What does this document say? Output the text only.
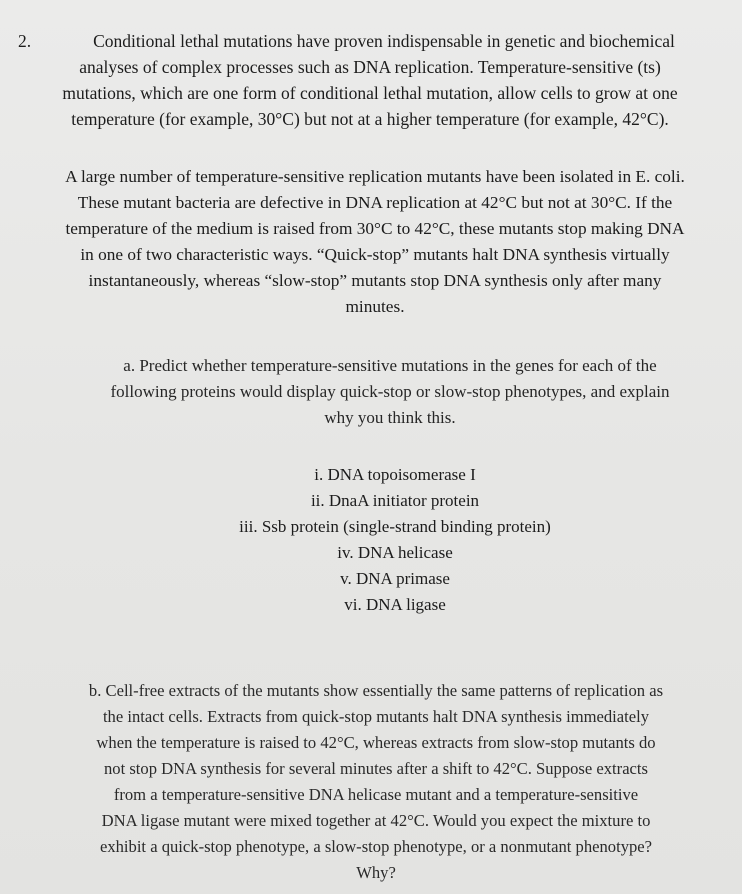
2.	Conditional lethal mutations have proven indispensable in genetic and biochemical
analyses of complex processes such as DNA replication. Temperature-sensitive (ts)
mutations, which are one form of conditional lethal mutation, allow cells to grow at one
temperature (for example, 30°C) but not at a higher temperature (for example, 42°C).
A large number of temperature-sensitive replication mutants have been isolated in E. coli.
These mutant bacteria are defective in DNA replication at 42°C but not at 30°C. If the
temperature of the medium is raised from 30°C to 42°C, these mutants stop making DNA
in one of two characteristic ways. “Quick-stop” mutants halt DNA synthesis virtually
instantaneously, whereas “slow-stop” mutants stop DNA synthesis only after many
minutes.
a. Predict whether temperature-sensitive mutations in the genes for each of the
following proteins would display quick-stop or slow-stop phenotypes, and explain
why you think this.
i. DNA topoisomerase I
ii. DnaA initiator protein
iii. Ssb protein (single-strand binding protein)
iv. DNA helicase
v. DNA primase
vi. DNA ligase
b. Cell-free extracts of the mutants show essentially the same patterns of replication as
the intact cells. Extracts from quick-stop mutants halt DNA synthesis immediately
when the temperature is raised to 42°C, whereas extracts from slow-stop mutants do
not stop DNA synthesis for several minutes after a shift to 42°C. Suppose extracts
from a temperature-sensitive DNA helicase mutant and a temperature-sensitive
DNA ligase mutant were mixed together at 42°C. Would you expect the mixture to
exhibit a quick-stop phenotype, a slow-stop phenotype, or a nonmutant phenotype?
Why?
